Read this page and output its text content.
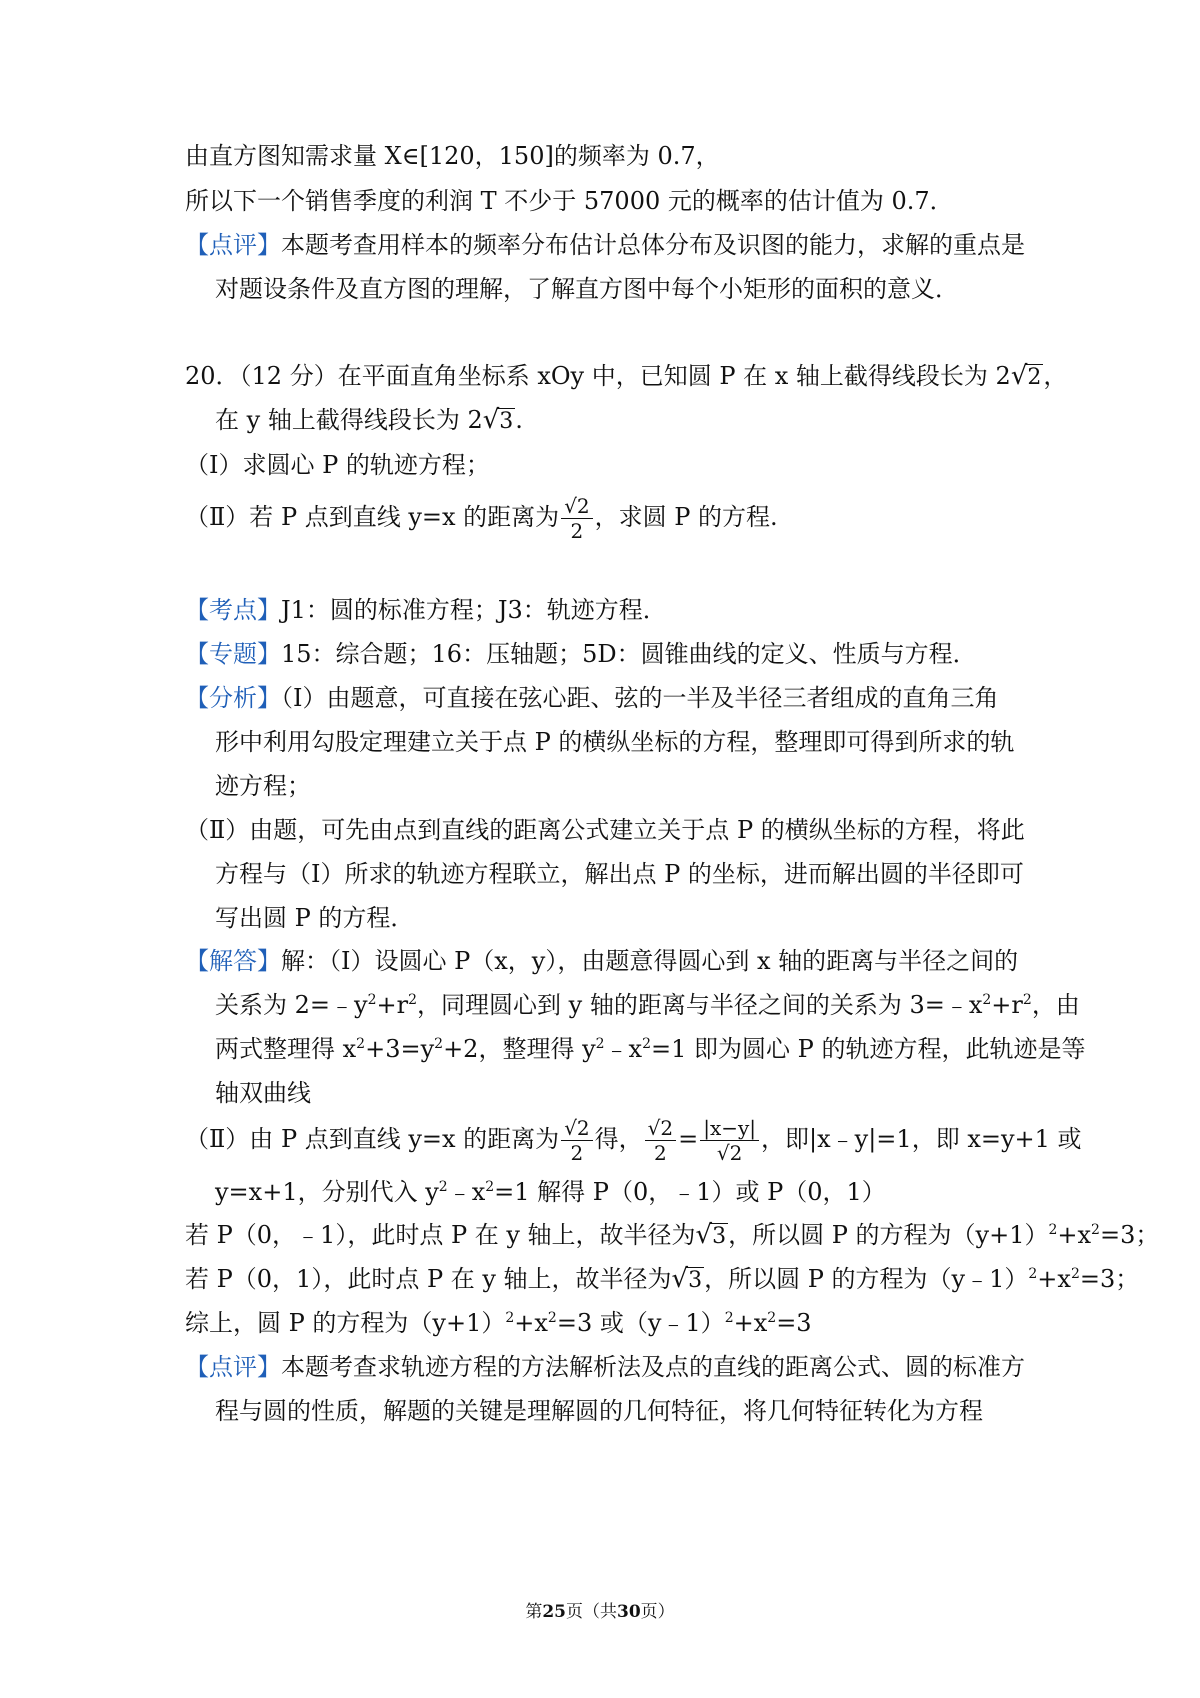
由直方图知需求量 X∈[120，150]的频率为 0.7，
所以下一个销售季度的利润 T 不少于 57000 元的概率的估计值为 0.7．
【点评】本题考查用样本的频率分布估计总体分布及识图的能力，求解的重点是
对题设条件及直方图的理解，了解直方图中每个小矩形的面积的意义．
20．（12 分）在平面直角坐标系 xOy 中，已知圆 P 在 x 轴上截得线段长为 2√2，
在 y 轴上截得线段长为 2√3.
（Ⅰ）求圆心 P 的轨迹方程；
（Ⅱ）若 P 点到直线 y=x 的距离为 $\frac{√2}{2}$ ，求圆 P 的方程.
【考点】J1：圆的标准方程；J3：轨迹方程．
【专题】15：综合题；16：压轴题；5D：圆锥曲线的定义、性质与方程．
【分析】（Ⅰ）由题意，可直接在弦心距、弦的一半及半径三者组成的直角三角
形中利用勾股定理建立关于点 P 的横纵坐标的方程，整理即可得到所求的轨
迹方程；
（Ⅱ）由题，可先由点到直线的距离公式建立关于点 P 的横纵坐标的方程，将此
方程与（I）所求的轨迹方程联立，解出点 P 的坐标，进而解出圆的半径即可
写出圆 P 的方程．
【解答】解：（Ⅰ）设圆心 P（x，y），由题意得圆心到 x 轴的距离与半径之间的
关系为 $2=﹣y^2+r^2$，同理圆心到 y 轴的距离与半径之间的关系为 $3=﹣x^2+r^2$，由
两式整理得 $x^2+3=y^2+2$，整理得 $y^2﹣x^2=1$ 即为圆心 P 的轨迹方程，此轨迹是等
轴双曲线
（Ⅱ）由 P 点到直线 y=x 的距离为 $\frac{√2}{2}$ 得， $\frac{√2}{2} = \frac{|x-y|}{√2}$ ，即|x﹣y|=1，即 x=y+1 或
y=x+1，分别代入 $y^2﹣x^2=1$ 解得 P（0，﹣1）或 P（0，1）
若 P（0，﹣1），此时点 P 在 y 轴上，故半径为√3，所以圆 P 的方程为$(y+1)^2+x^2=3$；
若 P（0，1），此时点 P 在 y 轴上，故半径为√3，所以圆 P 的方程为$(y﹣1)^2+x^2=3$；
综上，圆 P 的方程为$(y+1)^2+x^2=3$ 或$(y﹣1)^2+x^2=3$
【点评】本题考查求轨迹方程的方法解析法及点的直线的距离公式、圆的标准方
程与圆的性质，解题的关键是理解圆的几何特征，将几何特征转化为方程
第25页（共30页）
